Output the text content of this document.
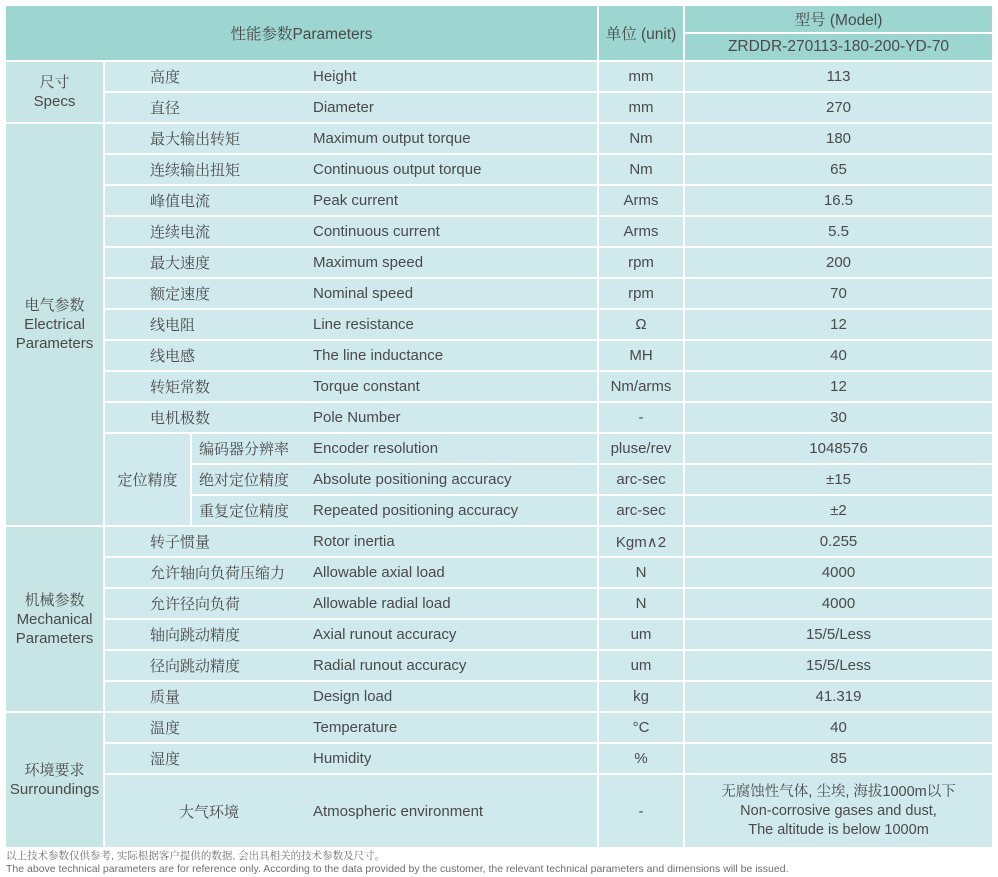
性能参数Parameters	单位 (unit)
型号 (Model)
ZRDDR-270113-180-200-YD-70
尺寸
Specs
高度	Height	mm	113
直径	Diameter	mm	270
电气参数
Electrical Parameters
最大输出转矩	Maximum output torque	Nm	180
连续输出扭矩	Continuous output torque	Nm	65
峰值电流	Peak current	Arms	16.5
连续电流	Continuous current	Arms	5.5
最大速度	Maximum speed	rpm	200
额定速度	Nominal speed	rpm	70
线电阻	Line resistance	Ω	12
线电感	The line inductance	MH	40
转矩常数	Torque constant	Nm/arms	12
电机极数	Pole Number	-	30
定位精度
编码器分辨率	Encoder resolution	pluse/rev	1048576
绝对定位精度	Absolute positioning accuracy	arc-sec	±15
重复定位精度	Repeated positioning accuracy	arc-sec	±2
机械参数
Mechanical Parameters
转子惯量	Rotor inertia	Kgm∧2	0.255
允许轴向负荷压缩力	Allowable axial load	N	4000
允许径向负荷	Allowable radial load	N	4000
轴向跳动精度	Axial runout accuracy	um	15/5/Less
径向跳动精度	Radial runout accuracy	um	15/5/Less
质量	Design load	kg	41.319
环境要求
Surroundings
温度	Temperature	°C	40
湿度	Humidity	%	85
大气环境	Atmospheric environment	-
无腐蚀性气体, 尘埃, 海拔1000m以下
Non-corrosive gases and dust,
The altitude is below 1000m
以上技术参数仅供参考, 实际根据客户提供的数据, 会出具相关的技术参数及尺寸。
The above technical parameters are for reference only. According to the data provided by the customer, the relevant technical parameters and dimensions will be issued.
